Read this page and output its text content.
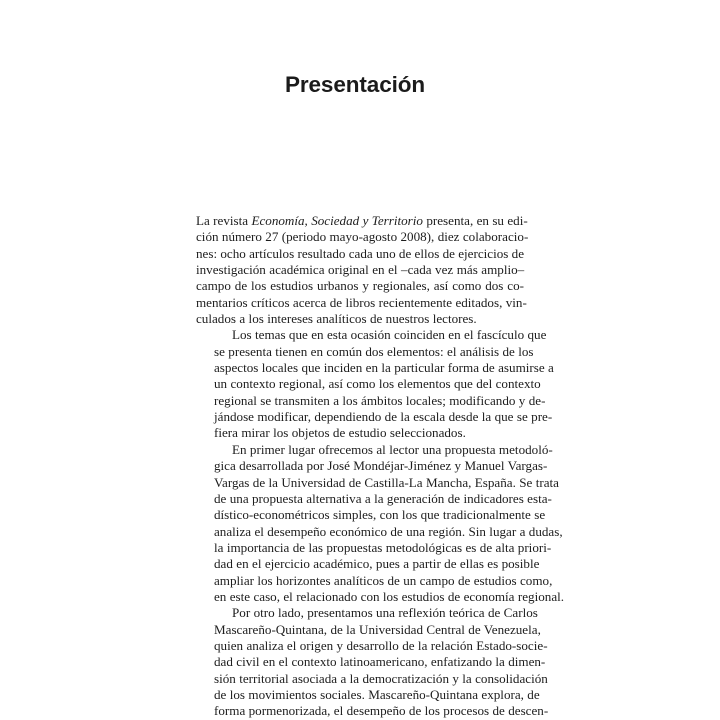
Presentación

La revista Economía, Sociedad y Territorio presenta, en su edi-
ción número 27 (periodo mayo-agosto 2008), diez colaboracio-
nes: ocho artículos resultado cada uno de ellos de ejercicios de
investigación académica original en el –cada vez más amplio–
campo de los estudios urbanos y regionales, así como dos co-
mentarios críticos acerca de libros recientemente editados, vin-
culados a los intereses analíticos de nuestros lectores.

Los temas que en esta ocasión coinciden en el fascículo que
se presenta tienen en común dos elementos: el análisis de los
aspectos locales que inciden en la particular forma de asumirse a
un contexto regional, así como los elementos que del contexto
regional se transmiten a los ámbitos locales; modificando y de-
jándose modificar, dependiendo de la escala desde la que se pre-
fiera mirar los objetos de estudio seleccionados.

En primer lugar ofrecemos al lector una propuesta metodoló-
gica desarrollada por José Mondéjar-Jiménez y Manuel Vargas-
Vargas de la Universidad de Castilla-La Mancha, España. Se trata
de una propuesta alternativa a la generación de indicadores esta-
dístico-econométricos simples, con los que tradicionalmente se
analiza el desempeño económico de una región. Sin lugar a dudas,
la importancia de las propuestas metodológicas es de alta priori-
dad en el ejercicio académico, pues a partir de ellas es posible
ampliar los horizontes analíticos de un campo de estudios como,
en este caso, el relacionado con los estudios de economía regional.

Por otro lado, presentamos una reflexión teórica de Carlos
Mascareño-Quintana, de la Universidad Central de Venezuela,
quien analiza el origen y desarrollo de la relación Estado-socie-
dad civil en el contexto latinoamericano, enfatizando la dimen-
sión territorial asociada a la democratización y la consolidación
de los movimientos sociales. Mascareño-Quintana explora, de
forma pormenorizada, el desempeño de los procesos de descen-
